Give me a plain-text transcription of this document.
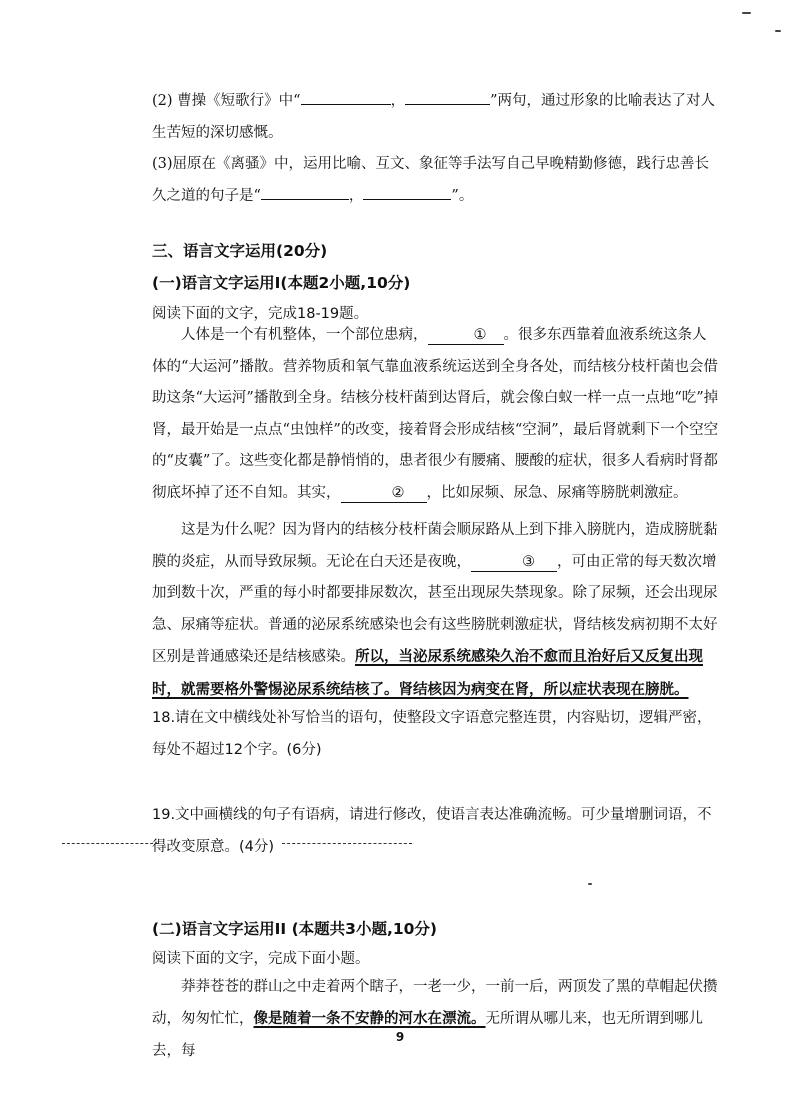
(2) 曹操《短歌行》中“	，	”两句，通过形象的比喻表达了对人生苦短的深切感慨。

(3)屈原在《离骚》中，运用比喻、互文、象征等手法写自己早晚精勤修德，践行忠善长久之道的句子是“	，	”。

三、语言文字运用(20分)

(一)语言文字运用Ⅰ(本题2小题,10分)

阅读下面的文字，完成18-19题。

人体是一个有机整体，一个部位患病，	① 。很多东西靠着血液系统这条人体的“大运河”播散。营养物质和氧气靠血液系统运送到全身各处，而结核分枝杆菌也会借助这条“大运河”播散到全身。结核分枝杆菌到达肾后，就会像白蚁一样一点一点地“吃”掉肾，最开始是一点点“虫蚀样”的改变，接着肾会形成结核“空洞”，最后肾就剩下一个空空的“皮囊”了。这些变化都是静悄悄的，患者很少有腰痛、腰酸的症状，很多人看病时肾都彻底坏掉了还不自知。其实，	② ，比如尿频、尿急、尿痛等膀胱刺激症。

这是为什么呢？因为肾内的结核分枝杆菌会顺尿路从上到下排入膀胱内，造成膀胱黏膜的炎症，从而导致尿频。无论在白天还是夜晚，	③ ，可由正常的每天数次增加到数十次，严重的每小时都要排尿数次，甚至出现尿失禁现象。除了尿频，还会出现尿急、尿痛等症状。普通的泌尿系统感染也会有这些膀胱刺激症状，肾结核发病初期不太好区别是普通感染还是结核感染。所以，当泌尿系统感染久治不愈而且治好后又反复出现时，就需要格外警惕泌尿系统结核了。肾结核因为病变在肾，所以症状表现在膀胱。

18.请在文中横线处补写恰当的语句，使整段文字语意完整连贯，内容贴切，逻辑严密，每处不超过12个字。(6分)

19.文中画横线的句子有语病，请进行修改，使语言表达准确流畅。可少量增删词语，不得改变原意。(4分)

(二)语言文字运用II (本题共3小题,10分)

阅读下面的文字，完成下面小题。

莽莽苍苍的群山之中走着两个瞎子，一老一少，一前一后，两顶发了黑的草帽起伏攒动，匆匆忙忙，像是随着一条不安静的河水在漂流。无所谓从哪儿来，也无所谓到哪儿去，每

9
